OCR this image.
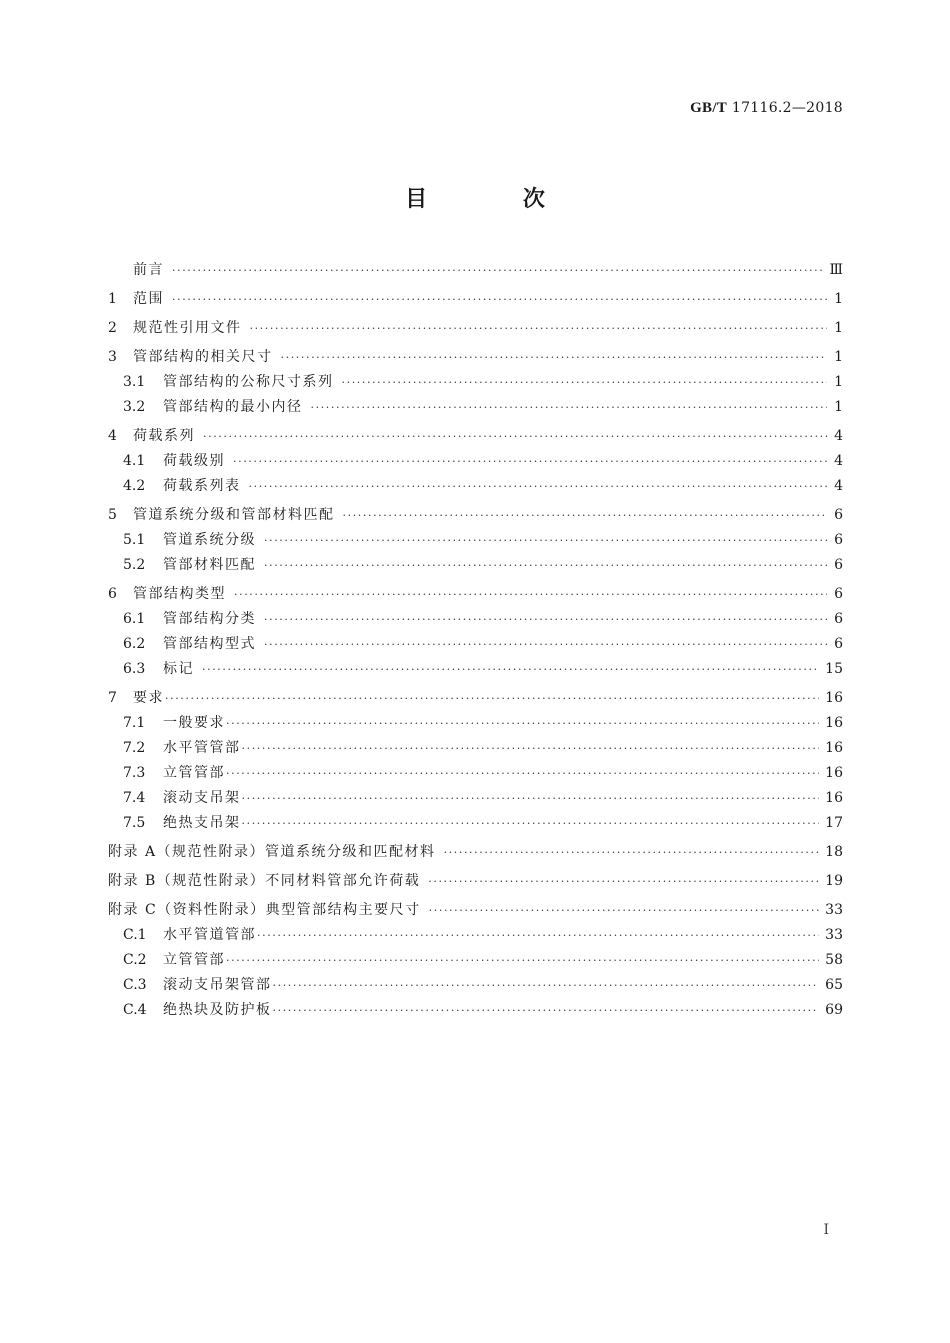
GB/T 17116.2—2018
目 次
前言 ·····	Ⅲ
1	范围 ·····	1
2	规范性引用文件 ·····	1
3	管部结构的相关尺寸 ·····	1
3.1	管部结构的公称尺寸系列 ·····	1
3.2	管部结构的最小内径 ·····	1
4	荷载系列 ·····	4
4.1	荷载级别 ·····	4
4.2	荷载系列表 ·····	4
5	管道系统分级和管部材料匹配 ·····	6
5.1	管道系统分级 ·····	6
5.2	管部材料匹配 ·····	6
6	管部结构类型 ·····	6
6.1	管部结构分类 ·····	6
6.2	管部结构型式 ·····	6
6.3	标记 ·····	15
7	要求 ·····	16
7.1	一般要求 ·····	16
7.2	水平管管部 ·····	16
7.3	立管管部 ·····	16
7.4	滚动支吊架 ·····	16
7.5	绝热支吊架 ·····	17
附录 A（规范性附录）管道系统分级和匹配材料 ·····	18
附录 B（规范性附录）不同材料管部允许荷载 ·····	19
附录 C（资料性附录）典型管部结构主要尺寸 ·····	33
C.1	水平管道管部 ·····	33
C.2	立管管部 ·····	58
C.3	滚动支吊架管部 ·····	65
C.4	绝热块及防护板 ·····	69
Ⅰ
